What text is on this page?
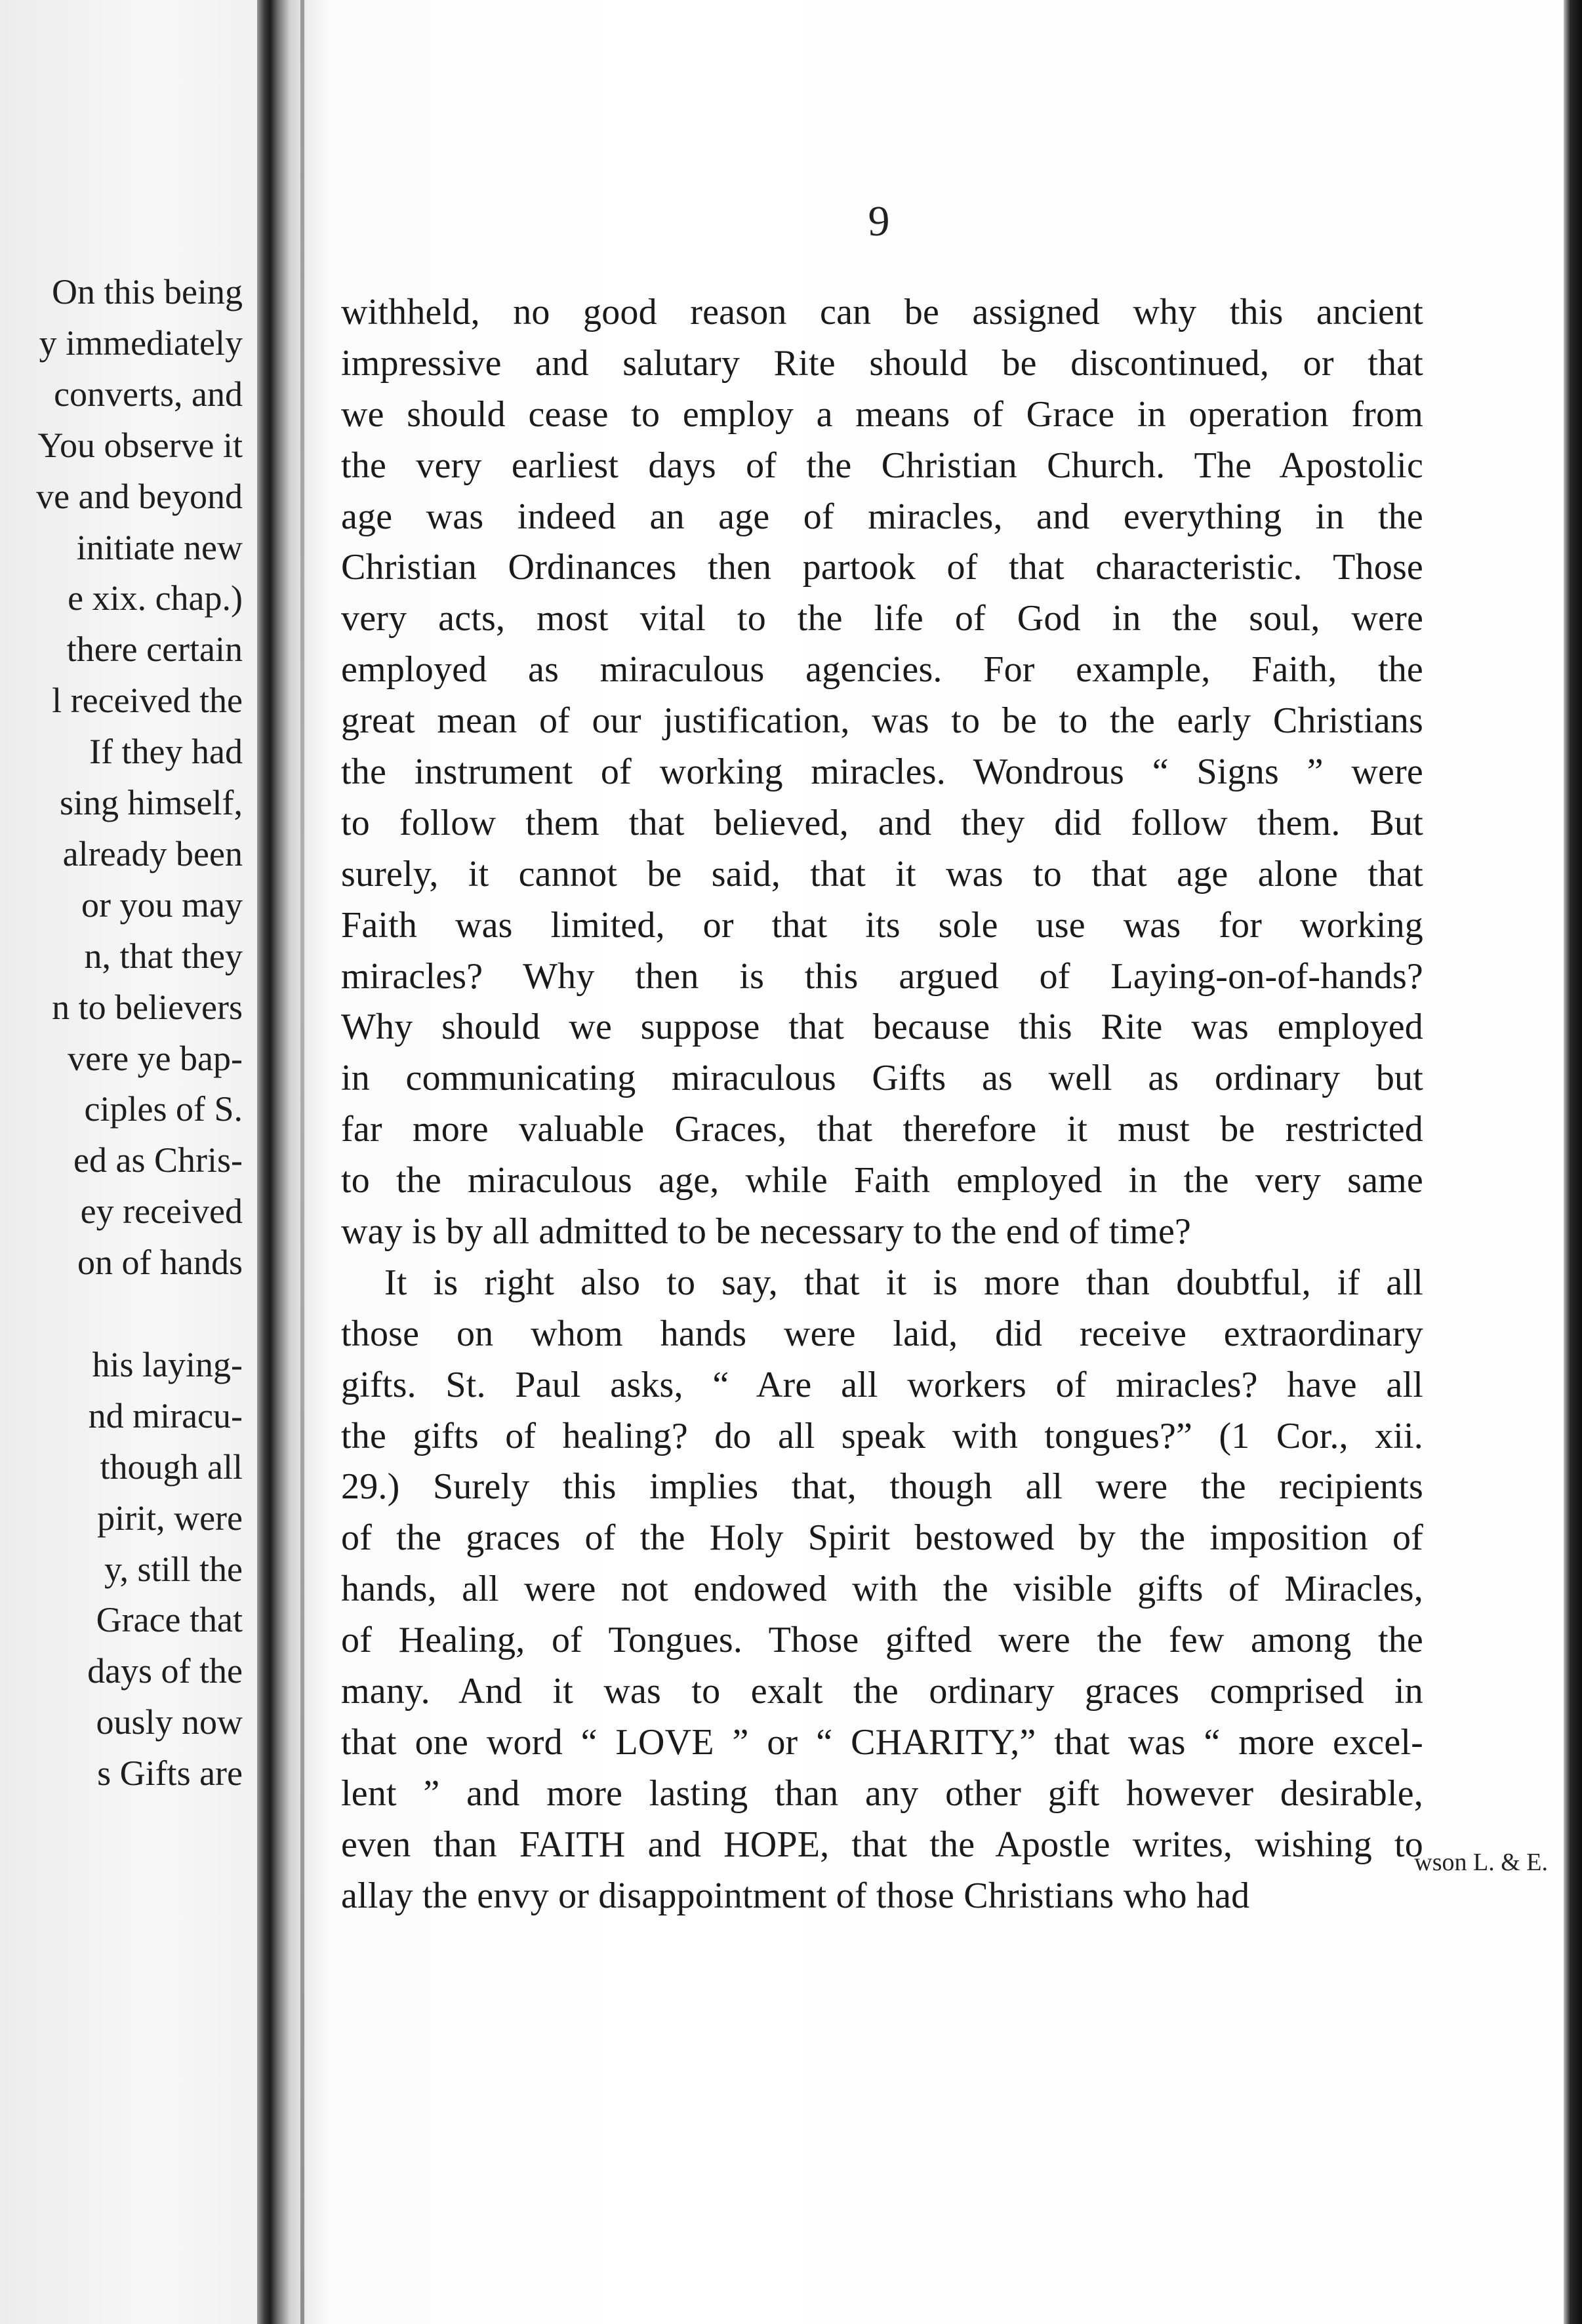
On this being
y immediately
converts, and
You observe it
ve and beyond
initiate new
e xix. chap.)
there certain
l received the
If they had
sing himself,
already been
or you may
n, that they
n to believers
vere ye bap-
ciples of S.
ed as Chris-
ey received
on of hands
his laying-
nd miracu-
though all
pirit, were
y, still the
Grace that
days of the
ously now
s Gifts are
wson L. & E.
9
withheld, no good reason can be assigned why this ancient
impressive and salutary Rite should be discontinued, or that
we should cease to employ a means of Grace in operation from
the very earliest days of the Christian Church. The Apostolic
age was indeed an age of miracles, and everything in the
Christian Ordinances then partook of that characteristic. Those
very acts, most vital to the life of God in the soul, were
employed as miraculous agencies. For example, Faith, the
great mean of our justification, was to be to the early Christians
the instrument of working miracles. Wondrous “ Signs ” were
to follow them that believed, and they did follow them. But
surely, it cannot be said, that it was to that age alone that
Faith was limited, or that its sole use was for working
miracles? Why then is this argued of Laying-on-of-hands?
Why should we suppose that because this Rite was employed
in communicating miraculous Gifts as well as ordinary but
far more valuable Graces, that therefore it must be restricted
to the miraculous age, while Faith employed in the very same
way is by all admitted to be necessary to the end of time?
It is right also to say, that it is more than doubtful, if all
those on whom hands were laid, did receive extraordinary
gifts. St. Paul asks, “ Are all workers of miracles? have all
the gifts of healing? do all speak with tongues?” (1 Cor., xii.
29.) Surely this implies that, though all were the recipients
of the graces of the Holy Spirit bestowed by the imposition of
hands, all were not endowed with the visible gifts of Miracles,
of Healing, of Tongues. Those gifted were the few among the
many. And it was to exalt the ordinary graces comprised in
that one word “ LOVE ” or “ CHARITY,” that was “ more excel-
lent ” and more lasting than any other gift however desirable,
even than FAITH and HOPE, that the Apostle writes, wishing to
allay the envy or disappointment of those Christians who had
